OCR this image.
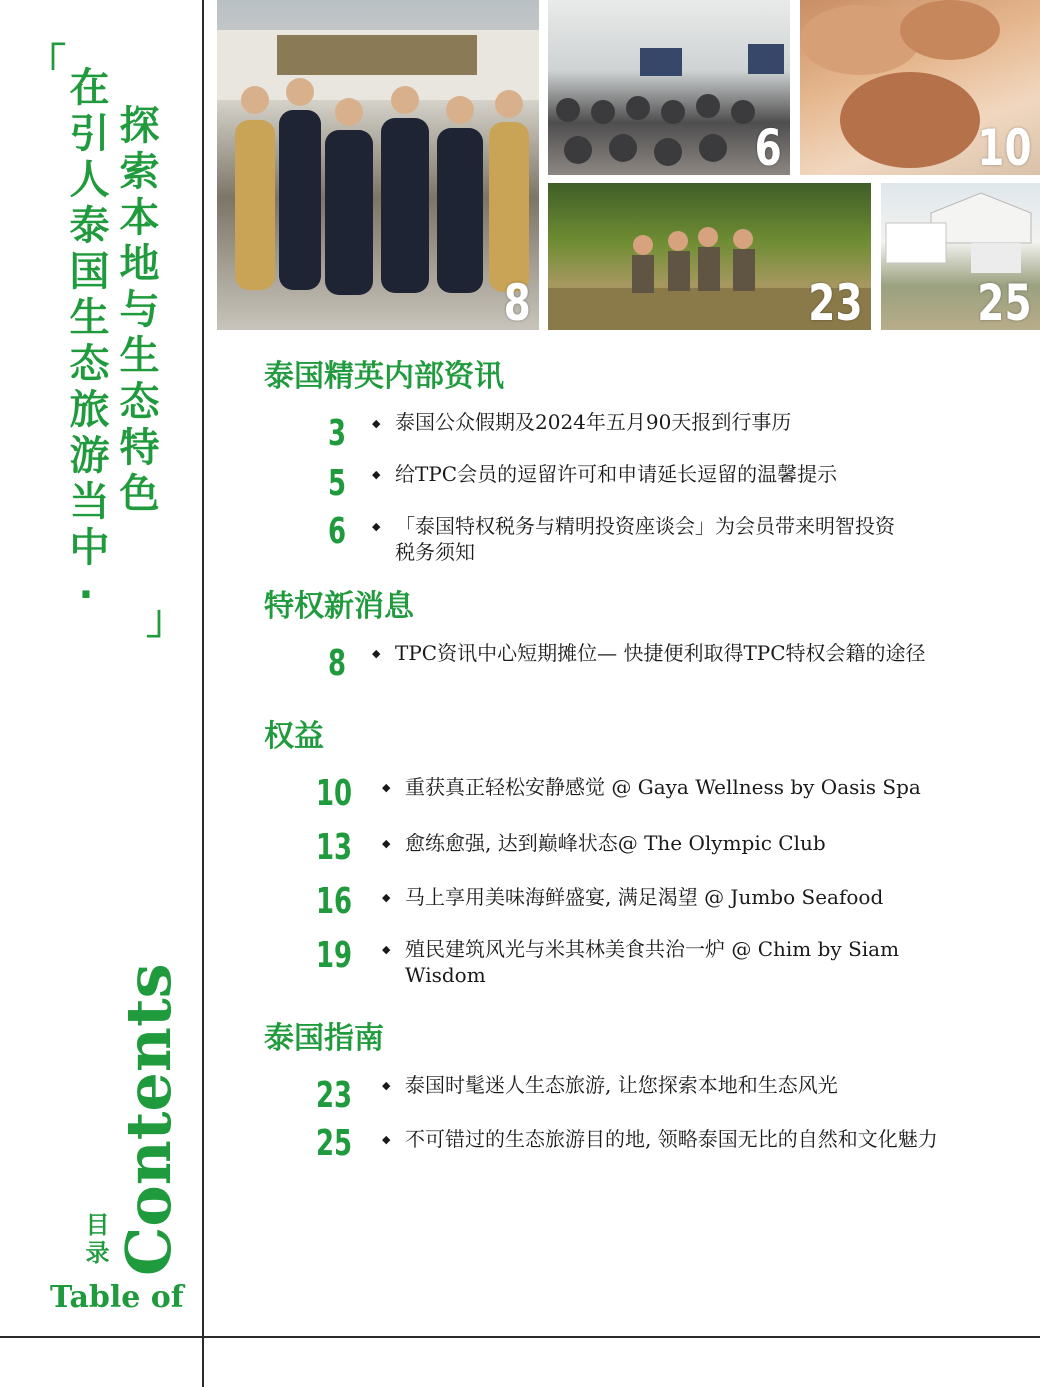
「
探索本地与生态特色
在引人泰国生态旅游当中· 」
Contents
目录
Table of
8
6	10
23 25
泰国精英内部资讯
3 ◆ 泰国公众假期及2024年五月90天报到行事历
5 ◆ 给TPC会员的逗留许可和申请延长逗留的温馨提示
6 ◆ 「泰国特权税务与精明投资座谈会」为会员带来明智投资税务须知
特权新消息
8 ◆ TPC资讯中心短期摊位— 快捷便利取得TPC特权会籍的途径
权益
10	◆ 重获真正轻松安静感觉 @ Gaya Wellness by Oasis Spa
13	◆ 愈练愈强, 达到巅峰状态@ The Olympic Club
16	◆ 马上享用美味海鲜盛宴, 满足渴望 @ Jumbo Seafood
19	◆ 殖民建筑风光与米其林美食共治一炉 @ Chim by Siam Wisdom
泰国指南
23	◆ 泰国时髦迷人生态旅游, 让您探索本地和生态风光
25	◆ 不可错过的生态旅游目的地, 领略泰国无比的自然和文化魅力
